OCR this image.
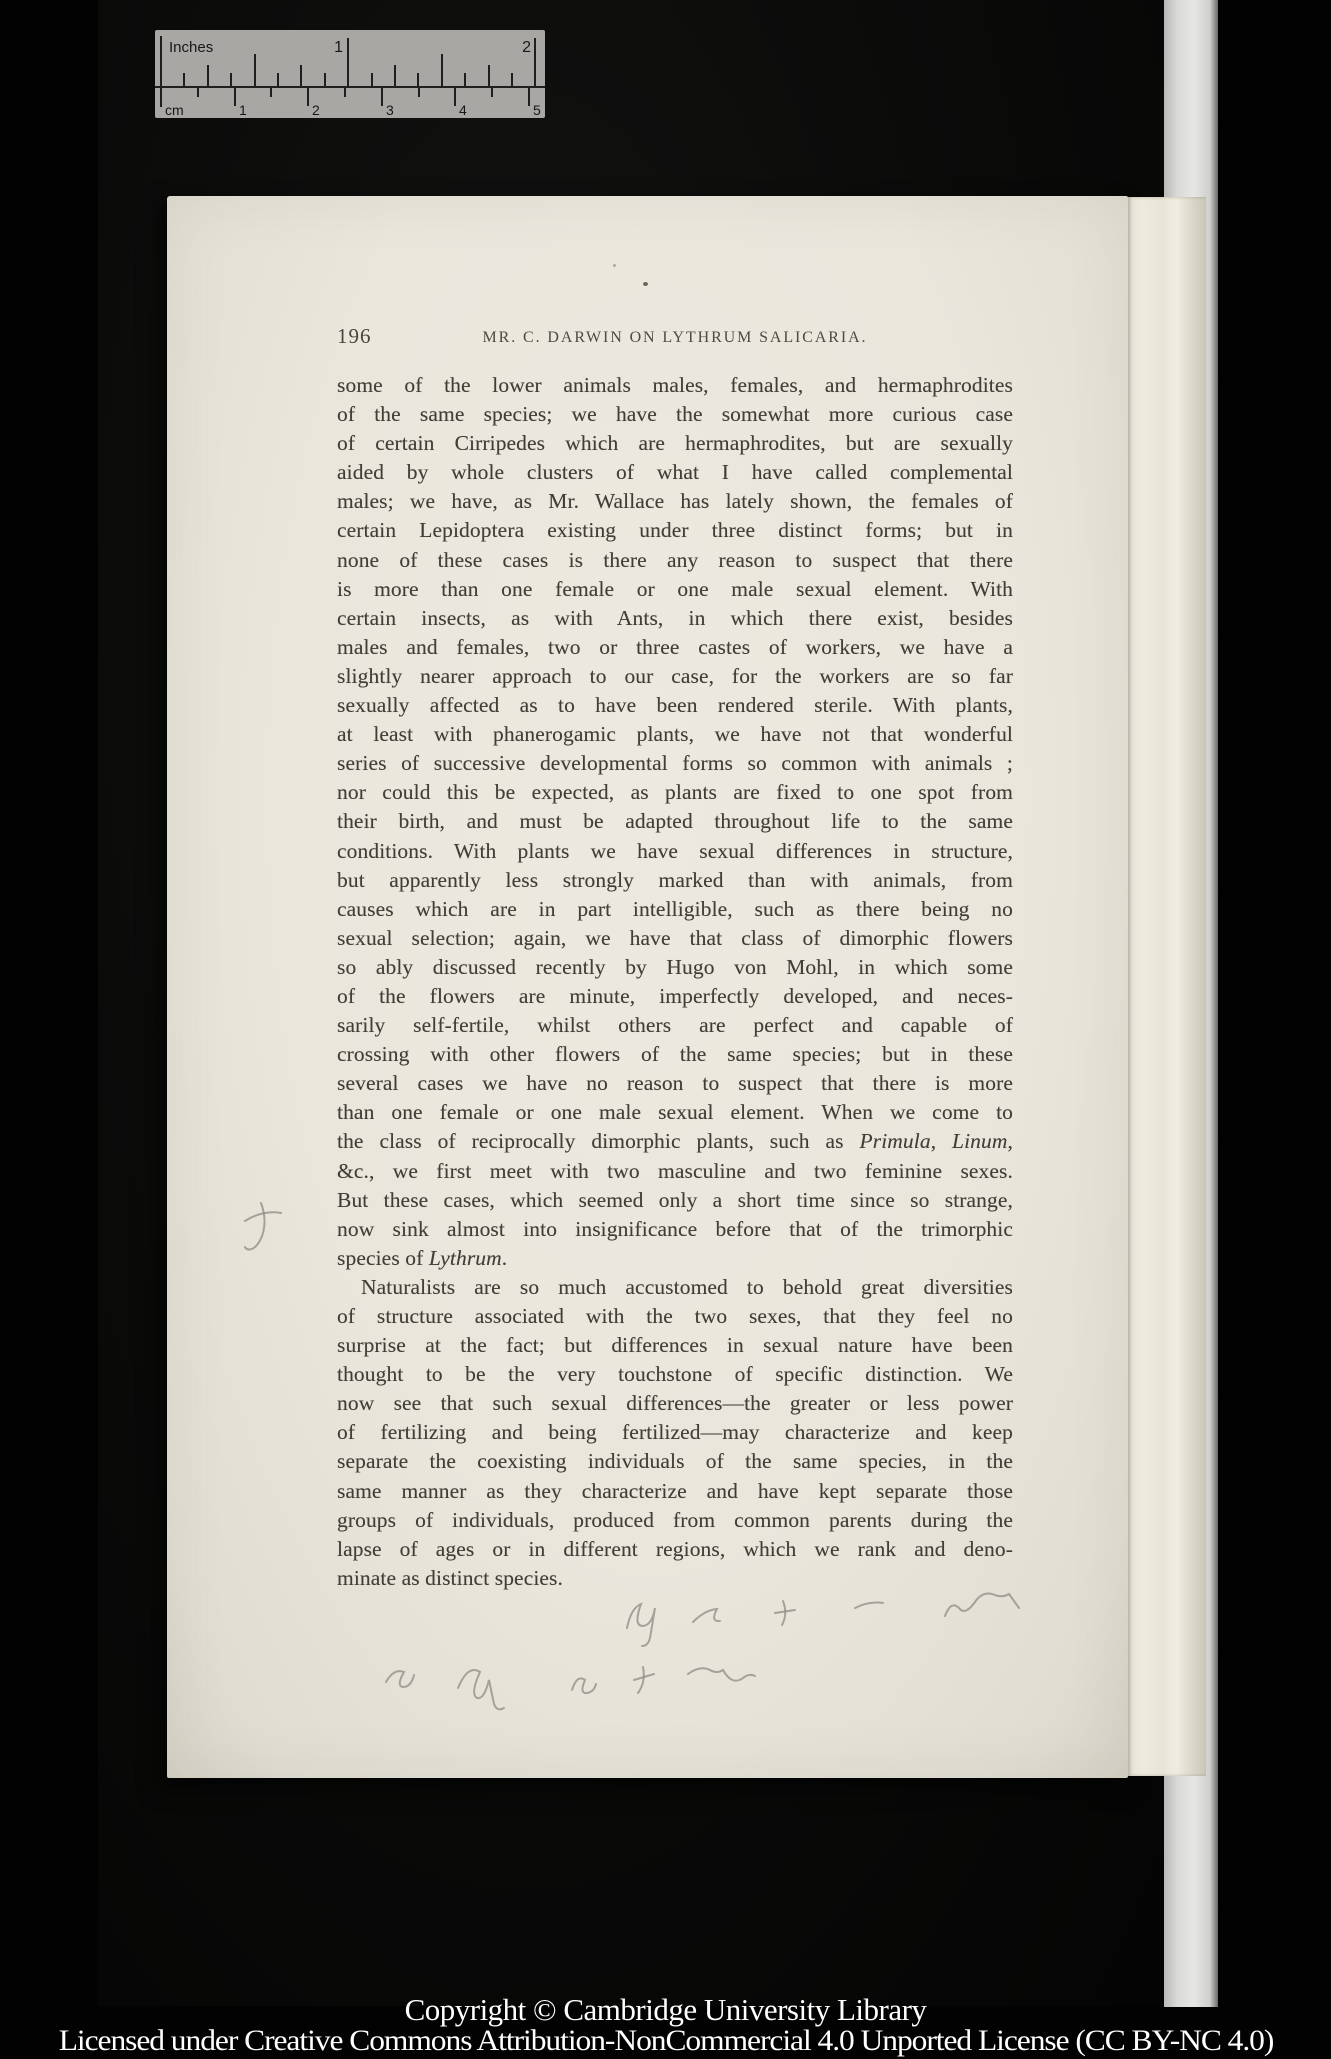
Inches	1	2
cm	1	2	3	4	5
196	MR. C. DARWIN ON LYTHRUM SALICARIA.
some of the lower animals males, females, and hermaphrodites
of the same species; we have the somewhat more curious case
of certain Cirripedes which are hermaphrodites, but are sexually
aided by whole clusters of what I have called complemental
males; we have, as Mr. Wallace has lately shown, the females of
certain Lepidoptera existing under three distinct forms; but in
none of these cases is there any reason to suspect that there
is more than one female or one male sexual element. With
certain insects, as with Ants, in which there exist, besides
males and females, two or three castes of workers, we have a
slightly nearer approach to our case, for the workers are so far
sexually affected as to have been rendered sterile. With plants,
at least with phanerogamic plants, we have not that wonderful
series of successive developmental forms so common with animals ;
nor could this be expected, as plants are fixed to one spot from
their birth, and must be adapted throughout life to the same
conditions. With plants we have sexual differences in structure,
but apparently less strongly marked than with animals, from
causes which are in part intelligible, such as there being no
sexual selection; again, we have that class of dimorphic flowers
so ably discussed recently by Hugo von Mohl, in which some
of the flowers are minute, imperfectly developed, and neces-
sarily self-fertile, whilst others are perfect and capable of
crossing with other flowers of the same species; but in these
several cases we have no reason to suspect that there is more
than one female or one male sexual element. When we come to
the class of reciprocally dimorphic plants, such as Primula, Linum,
&c., we first meet with two masculine and two feminine sexes.
But these cases, which seemed only a short time since so strange,
now sink almost into insignificance before that of the trimorphic
species of Lythrum.
Naturalists are so much accustomed to behold great diversities
of structure associated with the two sexes, that they feel no
surprise at the fact; but differences in sexual nature have been
thought to be the very touchstone of specific distinction. We
now see that such sexual differences—the greater or less power
of fertilizing and being fertilized—may characterize and keep
separate the coexisting individuals of the same species, in the
same manner as they characterize and have kept separate those
groups of individuals, produced from common parents during the
lapse of ages or in different regions, which we rank and deno-
minate as distinct species.
Copyright © Cambridge University Library
Licensed under Creative Commons Attribution-NonCommercial 4.0 Unported License (CC BY-NC 4.0)
